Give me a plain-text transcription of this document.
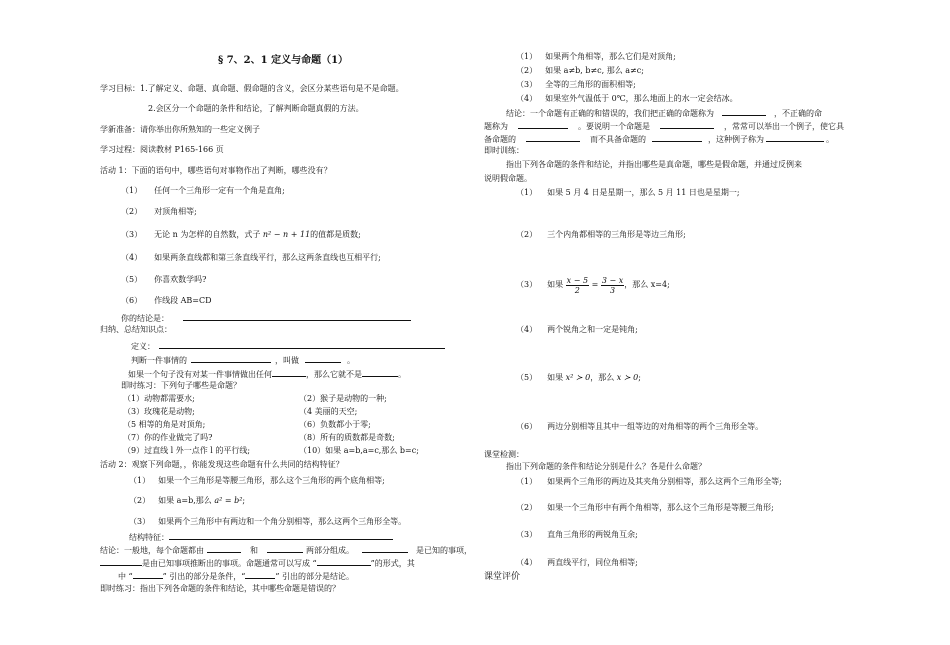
§ 7、2、1 定义与命题（1）
学习目标：1.了解定义、命题、真命题、假命题的含义，会区分某些语句是不是命题。
2.会区分一个命题的条件和结论，了解判断命题真假的方法。
学新准备：请你举出你所熟知的一些定义例子
学习过程：阅读教材 P165-166 页
活动 1：下面的语句中，哪些语句对事物作出了判断，哪些没有？
（1） 任何一个三角形一定有一个角是直角;
（2） 对顶角相等;
（3） 无论 n 为怎样的自然数，式子 n² − n + 11的值都是质数;
（4） 如果两条直线都和第三条直线平行，那么这两条直线也互相平行;
（5） 你喜欢数学吗?
（6） 作线段 AB=CD
你的结论是：
归纳、总结知识点：
定义：
判断一件事情的	，叫做	。
如果一个句子没有对某一件事情做出任何	，那么它就不是	。
即时练习：下列句子哪些是命题？
（1）动物都需要水;	（2）猴子是动物的一种;
（3）玫瑰花是动物;	（4 美丽的天空;
（5 相等的角是对顶角;	（6）负数都小于零;
（7）你的作业做完了吗?	（8）所有的质数都是奇数;
（9）过直线 l 外一点作 l 的平行线;	（10）如果 a=b,a=c,那么 b=c;
活动 2：观察下列命题，，你能发现这些命题有什么共同的结构特征？
（1） 如果一个三角形是等腰三角形，那么这个三角形的两个底角相等;
（2） 如果 a=b,那么 a² = b²;
（3） 如果两个三角形中有两边和一个角分别相等，那么这两个三角形全等。
结构特征：
结论：一般地，每个命题都由	和	两部分组成。	是已知的事项，
是由已知事项推断出的事项。命题通常可以写成 “	”的形式，其
中 “	” 引出的部分是条件，“	” 引出的部分是结论。
即时练习：指出下列各命题的条件和结论，其中哪些命题是错误的？
（1） 如果两个角相等，那么它们是对顶角;
（2） 如果 a≠b, b≠c, 那么 a≠c;
（3） 全等的三角形的面积相等;
（4） 如果室外气温低于 0℃，那么地面上的水一定会结冰。
结论：一个命题有正确的和错误的，我们把正确的命题称为	，不正确的命
题称为	。要说明一个命题是	，常常可以举出一个例子，使它具
备命题的	而不具备命题的	，这种例子称为	。
即时训练：
指出下列各命题的条件和结论，并指出哪些是真命题，哪些是假命题，并通过反例来
说明假命题。
（1） 如果 5 月 4 日是星期一，那么 5 月 11 日也是星期一;
（2） 三个内角都相等的三角形是等边三角形;
（3） 如果 $\frac{x - 5}{2} = \frac{3 - x}{3}$ ，那么 x=4;
（4） 两个锐角之和一定是钝角;
（5） 如果 x² ≻ 0，那么 x ≻ 0;
（6） 两边分别相等且其中一组等边的对角相等的两个三角形全等。
课堂检测：
指出下列命题的条件和结论分别是什么？各是什么命题？
（1） 如果两个三角形的两边及其夹角分别相等，那么这两个三角形全等;
（2） 如果一个三角形中有两个角相等，那么这个三角形是等腰三角形;
（3） 直角三角形的两锐角互余;
（4） 两直线平行，同位角相等;
课堂评价
